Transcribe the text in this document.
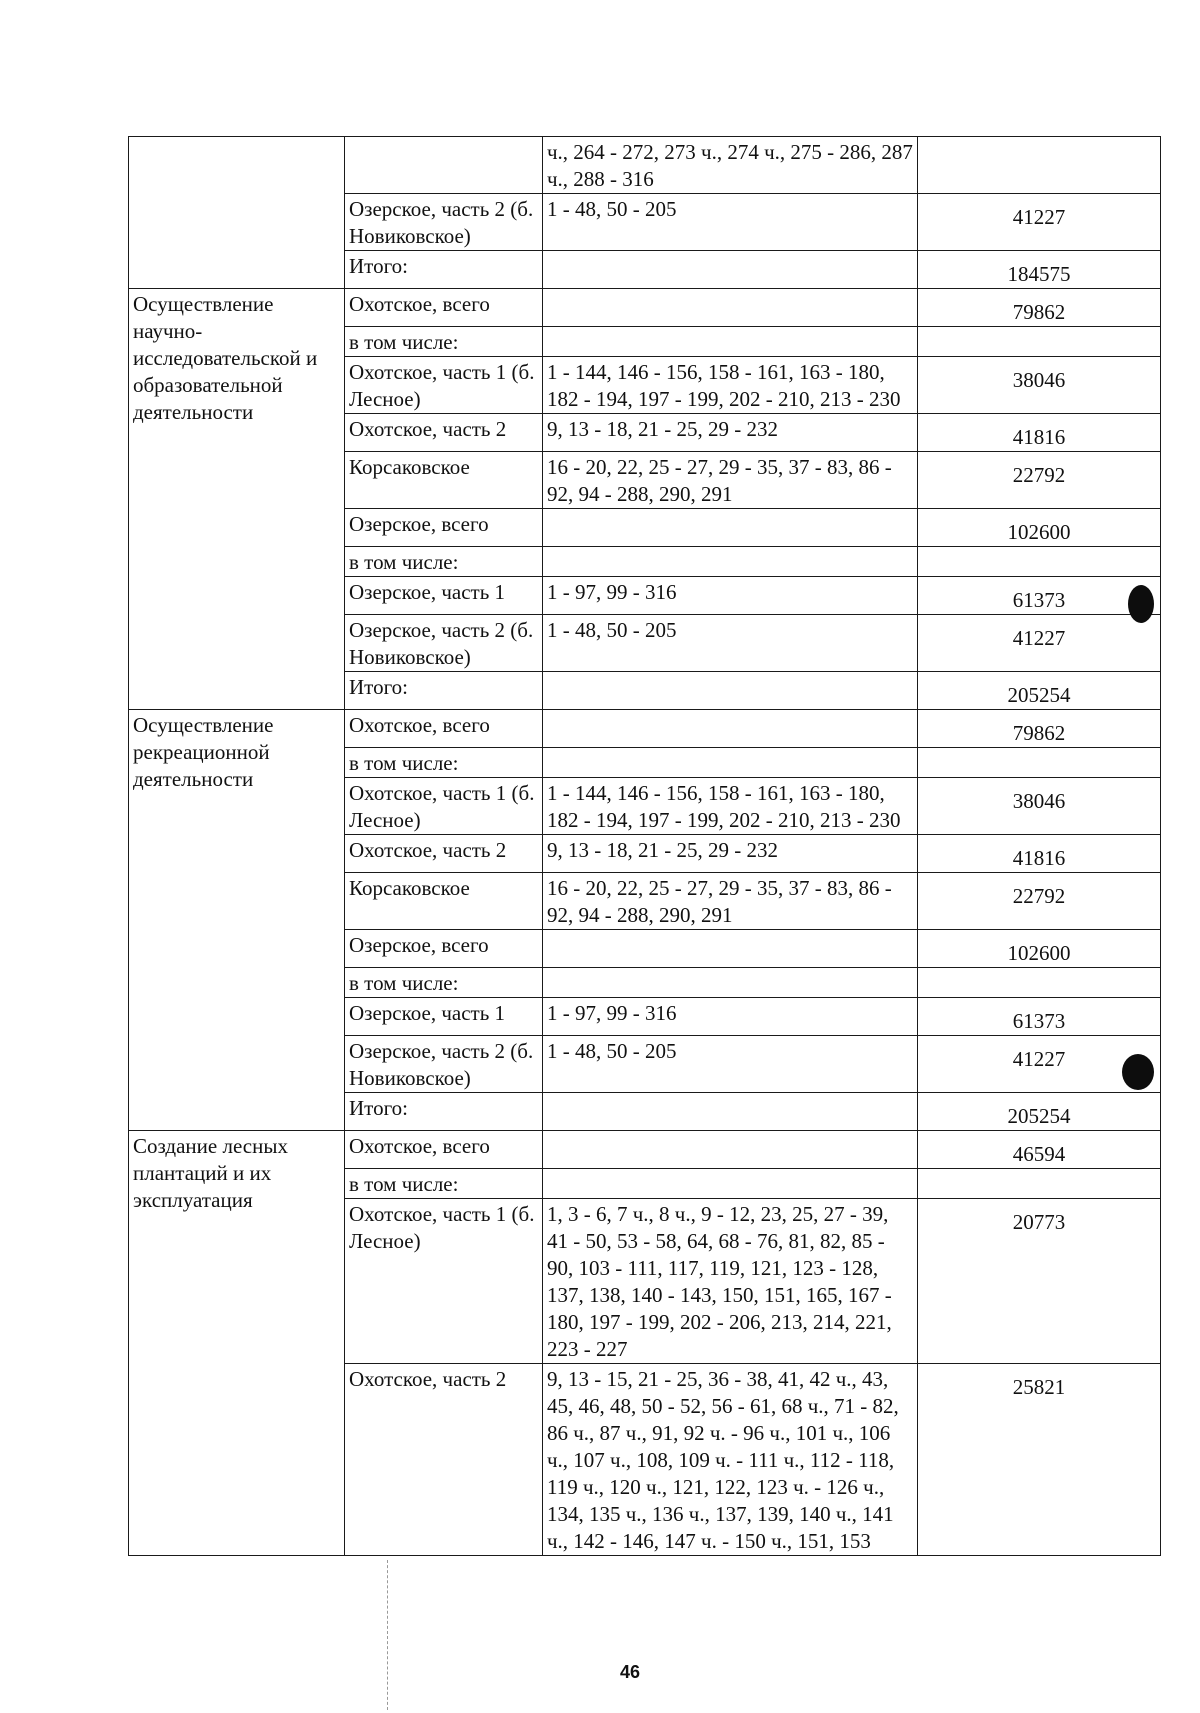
		ч., 264 - 272, 273 ч., 274 ч., 275 - 286, 287 ч., 288 - 316	
	Озерское, часть 2 (б. Новиковское)	1 - 48, 50 - 205	41227
	Итого:		184575
Осуществление научно-исследовательской и образовательной деятельности	Охотское, всего		79862
	в том числе:		
	Охотское, часть 1 (б. Лесное)	1 - 144, 146 - 156, 158 - 161, 163 - 180, 182 - 194, 197 - 199, 202 - 210, 213 - 230	38046
	Охотское, часть 2	9, 13 - 18, 21 - 25, 29 - 232	41816
	Корсаковское	16 - 20, 22, 25 - 27, 29 - 35, 37 - 83, 86 - 92, 94 - 288, 290, 291	22792
	Озерское, всего		102600
	в том числе:		
	Озерское, часть 1	1 - 97, 99 - 316	61373
	Озерское, часть 2 (б. Новиковское)	1 - 48, 50 - 205	41227
	Итого:		205254
Осуществление рекреационной деятельности	Охотское, всего		79862
	в том числе:		
	Охотское, часть 1 (б. Лесное)	1 - 144, 146 - 156, 158 - 161, 163 - 180, 182 - 194, 197 - 199, 202 - 210, 213 - 230	38046
	Охотское, часть 2	9, 13 - 18, 21 - 25, 29 - 232	41816
	Корсаковское	16 - 20, 22, 25 - 27, 29 - 35, 37 - 83, 86 - 92, 94 - 288, 290, 291	22792
	Озерское, всего		102600
	в том числе:		
	Озерское, часть 1	1 - 97, 99 - 316	61373
	Озерское, часть 2 (б. Новиковское)	1 - 48, 50 - 205	41227
	Итого:		205254
Создание лесных плантаций и их эксплуатация	Охотское, всего		46594
	в том числе:		
	Охотское, часть 1 (б. Лесное)	1, 3 - 6, 7 ч., 8 ч., 9 - 12, 23, 25, 27 - 39, 41 - 50, 53 - 58, 64, 68 - 76, 81, 82, 85 - 90, 103 - 111, 117, 119, 121, 123 - 128, 137, 138, 140 - 143, 150, 151, 165, 167 - 180, 197 - 199, 202 - 206, 213, 214, 221, 223 - 227	20773
	Охотское, часть 2	9, 13 - 15, 21 - 25, 36 - 38, 41, 42 ч., 43, 45, 46, 48, 50 - 52, 56 - 61, 68 ч., 71 - 82, 86 ч., 87 ч., 91, 92 ч. - 96 ч., 101 ч., 106 ч., 107 ч., 108, 109 ч. - 111 ч., 112 - 118, 119 ч., 120 ч., 121, 122, 123 ч. - 126 ч., 134, 135 ч., 136 ч., 137, 139, 140 ч., 141 ч., 142 - 146, 147 ч. - 150 ч., 151, 153	25821
46
